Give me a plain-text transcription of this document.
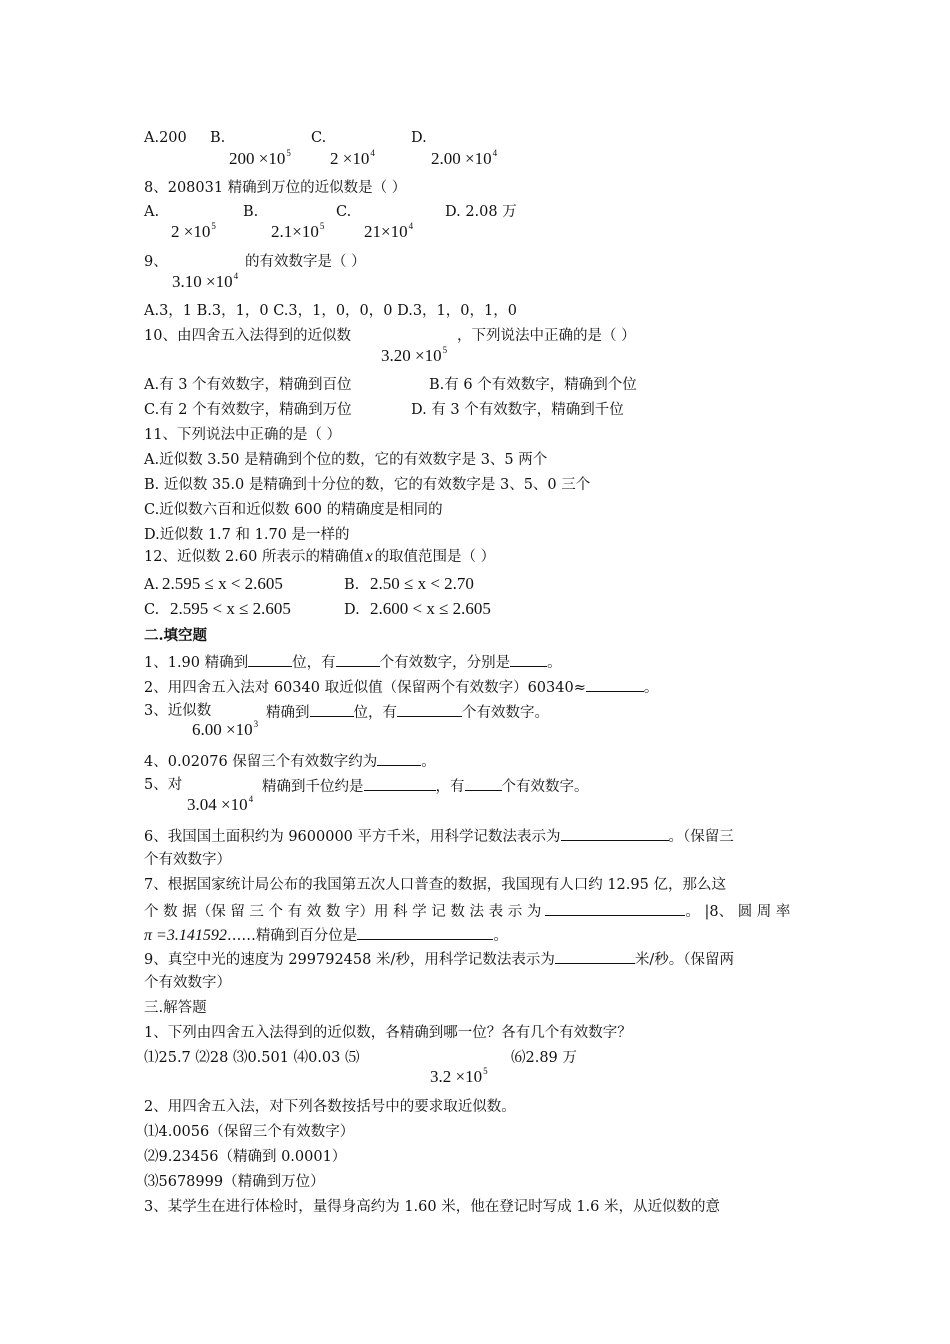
A.200 B.
$200 \times 10^5$
C.
$2 \times 10^4$
D.
$2.00 \times 10^4$
8、208031 精确到万位的近似数是（ ）
A.
$2 \times 10^5$
B.
$2.1\times 10^5$
C.
$21\times 10^4$
D. 2.08 万
9、
$3.10 \times 10^4$
的有效数字是（ ）
A.3，1 B.3，1，0 C.3，1，0，0，0 D.3，1，0，1，0
10、由四舍五入法得到的近似数
$3.20 \times 10^5$
，下列说法中正确的是（ ）
A.有 3 个有效数字，精确到百位	B.有 6 个有效数字，精确到个位
C.有 2 个有效数字，精确到万位	D. 有 3 个有效数字，精确到千位
11、下列说法中正确的是（ ）
A.近似数 3.50 是精确到个位的数，它的有效数字是 3、5 两个
B. 近似数 35.0 是精确到十分位的数，它的有效数字是 3、5、0 三个
C.近似数六百和近似数 600 的精确度是相同的
D.近似数 1.7 和 1.70 是一样的
12、近似数 2.60 所表示的精确值 x 的取值范围是（ ）
A. 2.595 ≤ x < 2.605	B. 2.50 ≤ x < 2.70
C. 2.595 < x ≤ 2.605	D. 2.600 < x ≤ 2.605
二.填空题
1、1.90 精确到	位，有	个有效数字，分别是	。
2、用四舍五入法对 60340 取近似值（保留两个有效数字）60340≈	。
3、近似数
$6.00 \times 10^3$
精确到	位，有	个有效数字。
4、0.02076 保留三个有效数字约为	。
5、对
$3.04 \times 10^4$
精确到千位约是	，有	个有效数字。
6、我国国土面积约为 9600000 平方千米，用科学记数法表示为	。（保留三
个有效数字）
7、根据国家统计局公布的我国第五次人口普查的数据，我国现有人口约 12.95 亿，那么这
个 数 据（保 留 三 个 有 效 数 字）用 科 学 记 数 法 表 示 为	。 |8、 圆 周 率
π =3.141592……精确到百分位是	。
9、真空中光的速度为 299792458 米/秒，用科学记数法表示为	米/秒。（保留两
个有效数字）
三.解答题
1、下列由四舍五入法得到的近似数，各精确到哪一位？各有几个有效数字？
⑴25.7 ⑵28 ⑶0.501 ⑷0.03 ⑸
$3.2 \times 10^5$
⑹2.89 万
2、用四舍五入法，对下列各数按括号中的要求取近似数。
⑴4.0056（保留三个有效数字）
⑵9.23456（精确到 0.0001）
⑶5678999（精确到万位）
3、某学生在进行体检时，量得身高约为 1.60 米，他在登记时写成 1.6 米，从近似数的意
